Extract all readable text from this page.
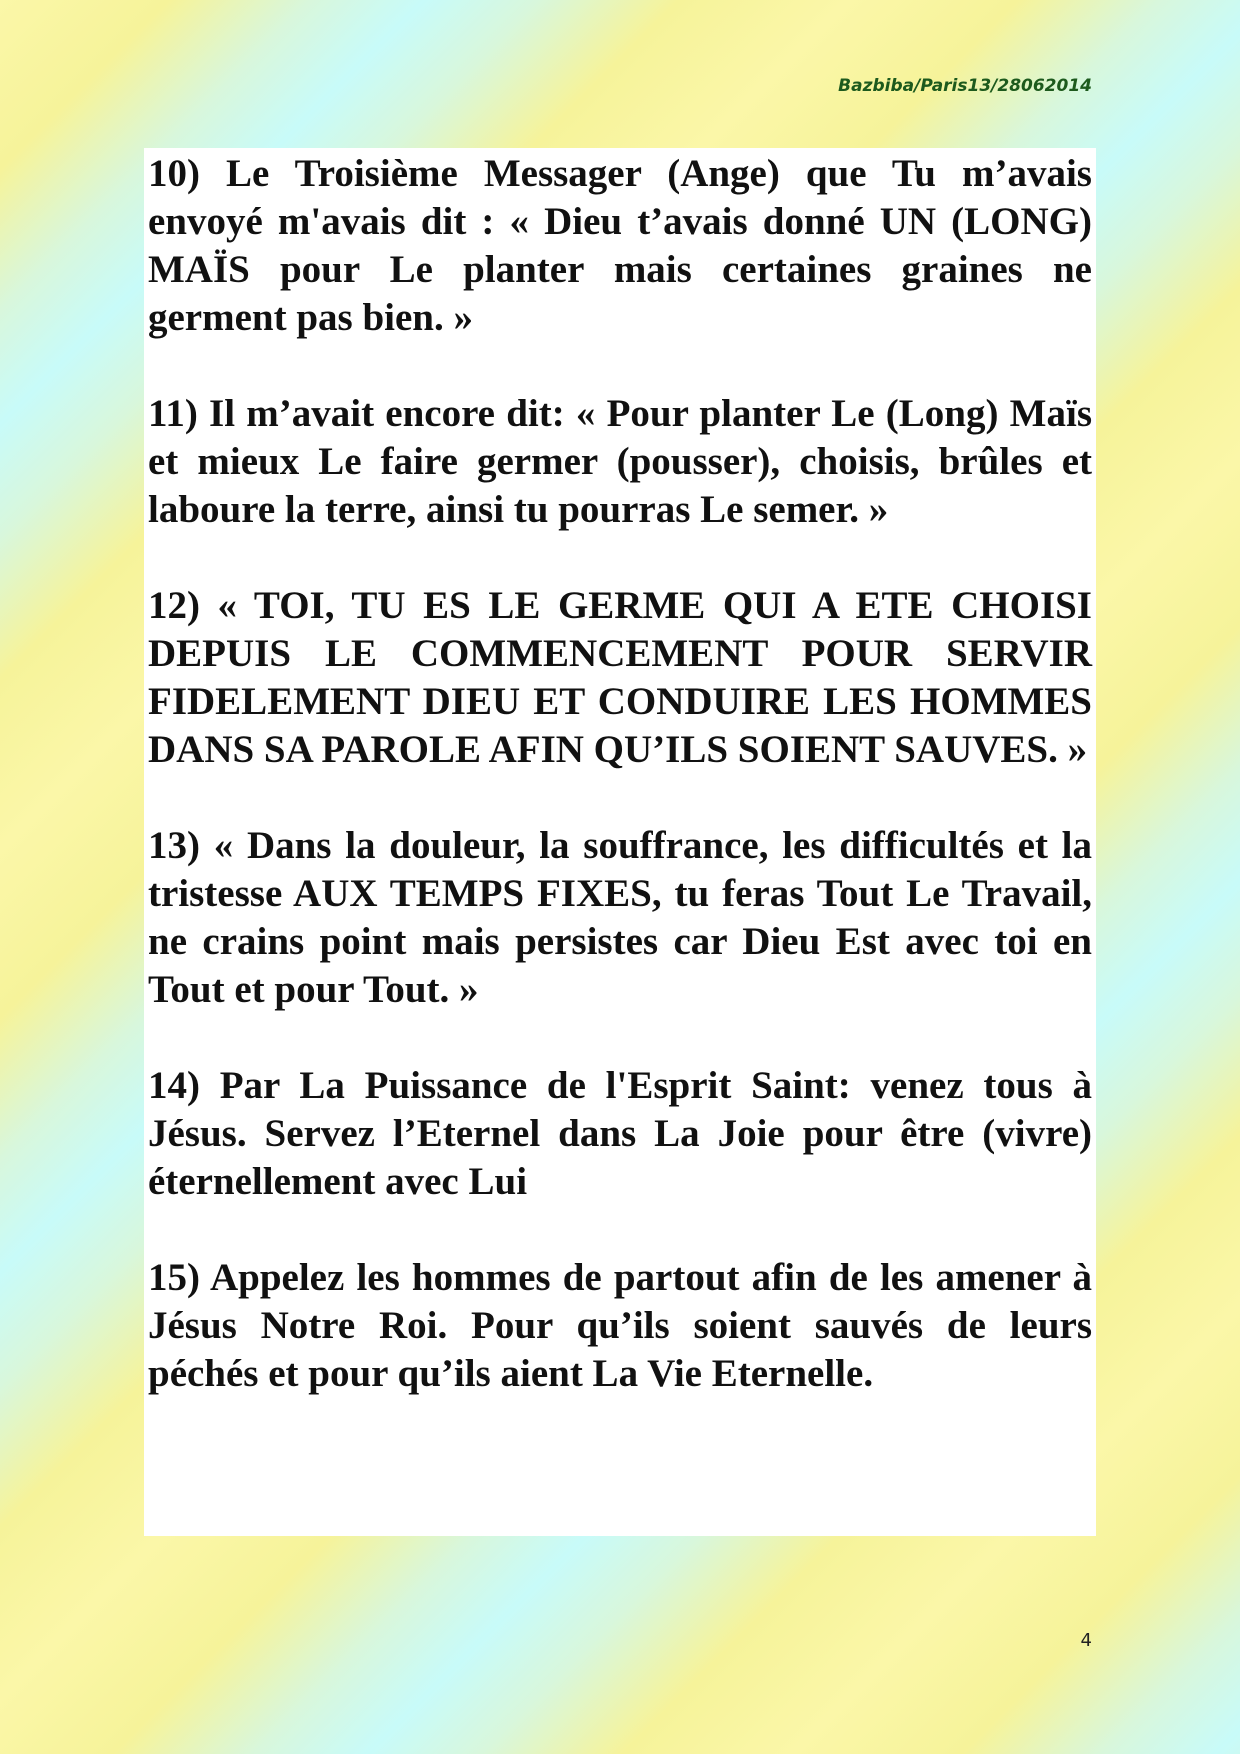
Bazbiba/Paris13/28062014

10) Le Troisième Messager (Ange) que Tu m’avais envoyé m'avais dit : « Dieu t’avais donné UN (LONG) MAÏS pour Le planter mais certaines graines ne germent pas bien. »

11) Il m’avait encore dit: « Pour planter Le (Long) Maïs et mieux Le faire germer (pousser), choisis, brûles et laboure la terre, ainsi tu pourras Le semer. »

12) « TOI, TU ES LE GERME QUI A ETE CHOISI DEPUIS LE COMMENCEMENT POUR SERVIR FIDELEMENT DIEU ET CONDUIRE LES HOMMES DANS SA PAROLE AFIN QU’ILS SOIENT SAUVES. »

13) « Dans la douleur, la souffrance, les difficultés et la tristesse AUX TEMPS FIXES, tu feras Tout Le Travail, ne crains point mais persistes car Dieu Est avec toi en Tout et pour Tout. »

14) Par La Puissance de l'Esprit Saint: venez tous à Jésus. Servez l’Eternel dans La Joie pour être (vivre) éternellement avec Lui

15) Appelez les hommes de partout afin de les amener à Jésus Notre Roi. Pour qu’ils soient sauvés de leurs péchés et pour qu’ils aient La Vie Eternelle.

4
